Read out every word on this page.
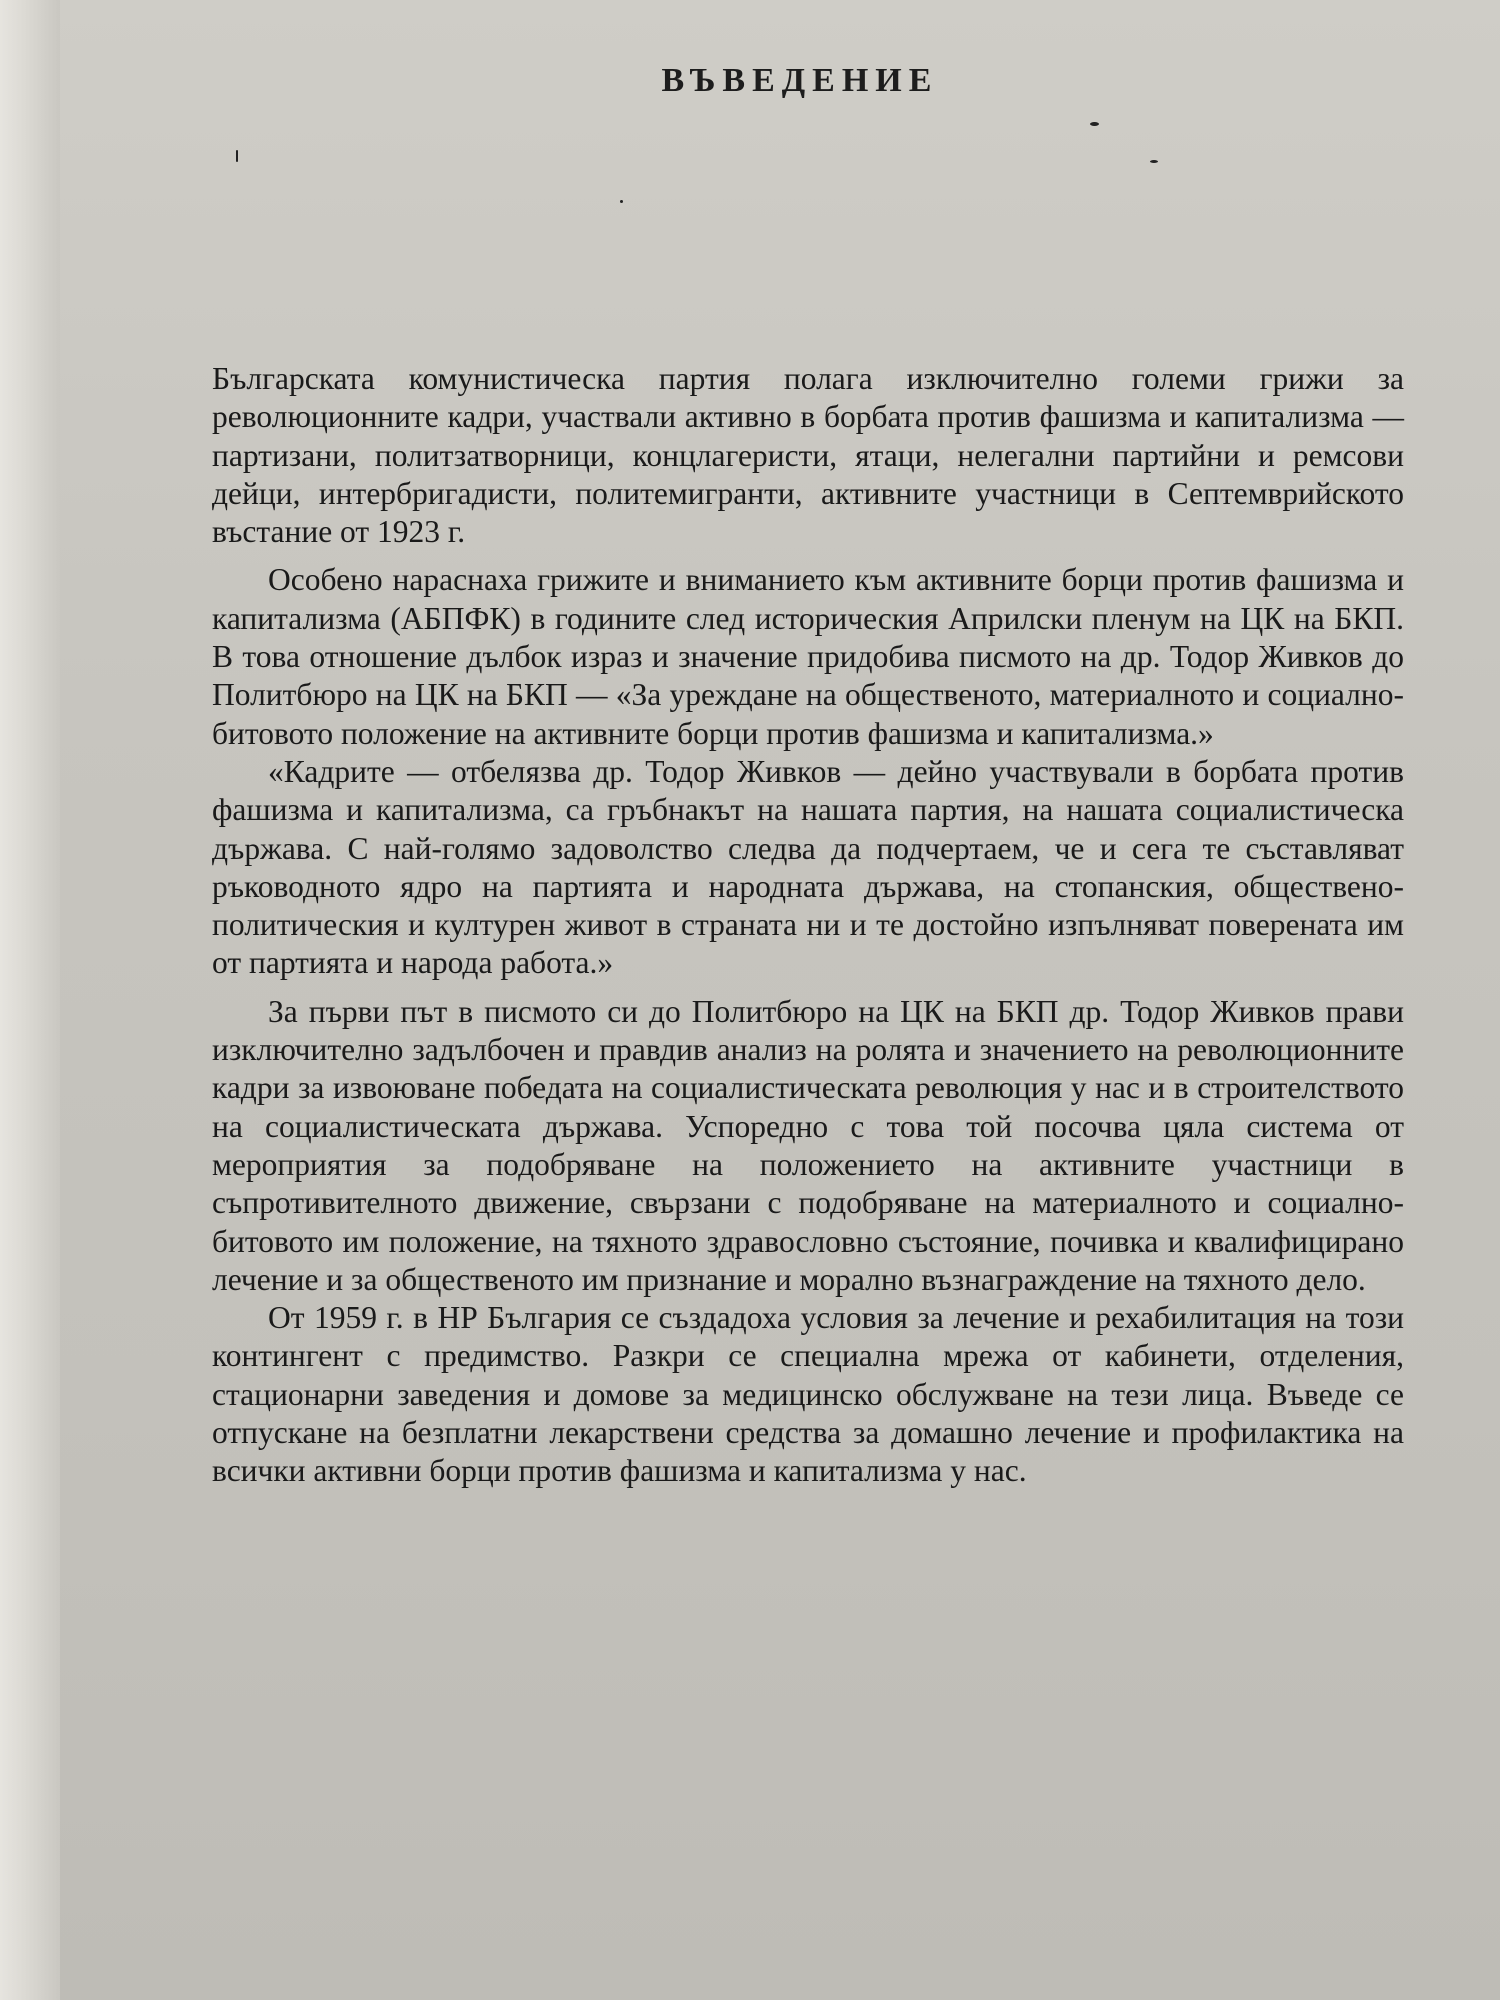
ВЪВЕДЕНИЕ

Българската комунистическа партия полага изключително големи грижи за революционните кадри, участвали активно в борбата против фашизма и капитализма — партизани, политзатворници, концлагеристи, ятаци, нелегални партийни и ремсови дейци, интербригадисти, политемигранти, активните участници в Септемврийското въстание от 1923 г.

Особено нараснаха грижите и вниманието към активните борци против фашизма и капитализма (АБПФК) в годините след историческия Априлски пленум на ЦК на БКП. В това отношение дълбок израз и значение придобива писмото на др. Тодор Живков до Политбюро на ЦК на БКП — «За уреждане на общественото, материалното и социално-битовото положение на активните борци против фашизма и капитализма.»

«Кадрите — отбелязва др. Тодор Живков — дейно участвували в борбата против фашизма и капитализма, са гръбнакът на нашата партия, на нашата социалистическа държава. С най-голямо задоволство следва да подчертаем, че и сега те съставляват ръководното ядро на партията и народната държава, на стопанския, обществено-политическия и културен живот в страната ни и те достойно изпълняват поверената им от партията и народа работа.»

За първи път в писмото си до Политбюро на ЦК на БКП др. Тодор Живков прави изключително задълбочен и правдив анализ на ролята и значението на революционните кадри за извоюване победата на социалистическата революция у нас и в строителството на социалистическата държава. Успоредно с това той посочва цяла система от мероприятия за подобряване на положението на активните участници в съпротивителното движение, свързани с подобряване на материалното и социално-битовото им положение, на тяхното здравословно състояние, почивка и квалифицирано лечение и за общественото им признание и морално възнаграждение на тяхното дело.

От 1959 г. в НР България се създадоха условия за лечение и рехабилитация на този контингент с предимство. Разкри се специална мрежа от кабинети, отделения, стационарни заведения и домове за медицинско обслужване на тези лица. Въведе се отпускане на безплатни лекарствени средства за домашно лечение и профилактика на всички активни борци против фашизма и капитализма у нас.
